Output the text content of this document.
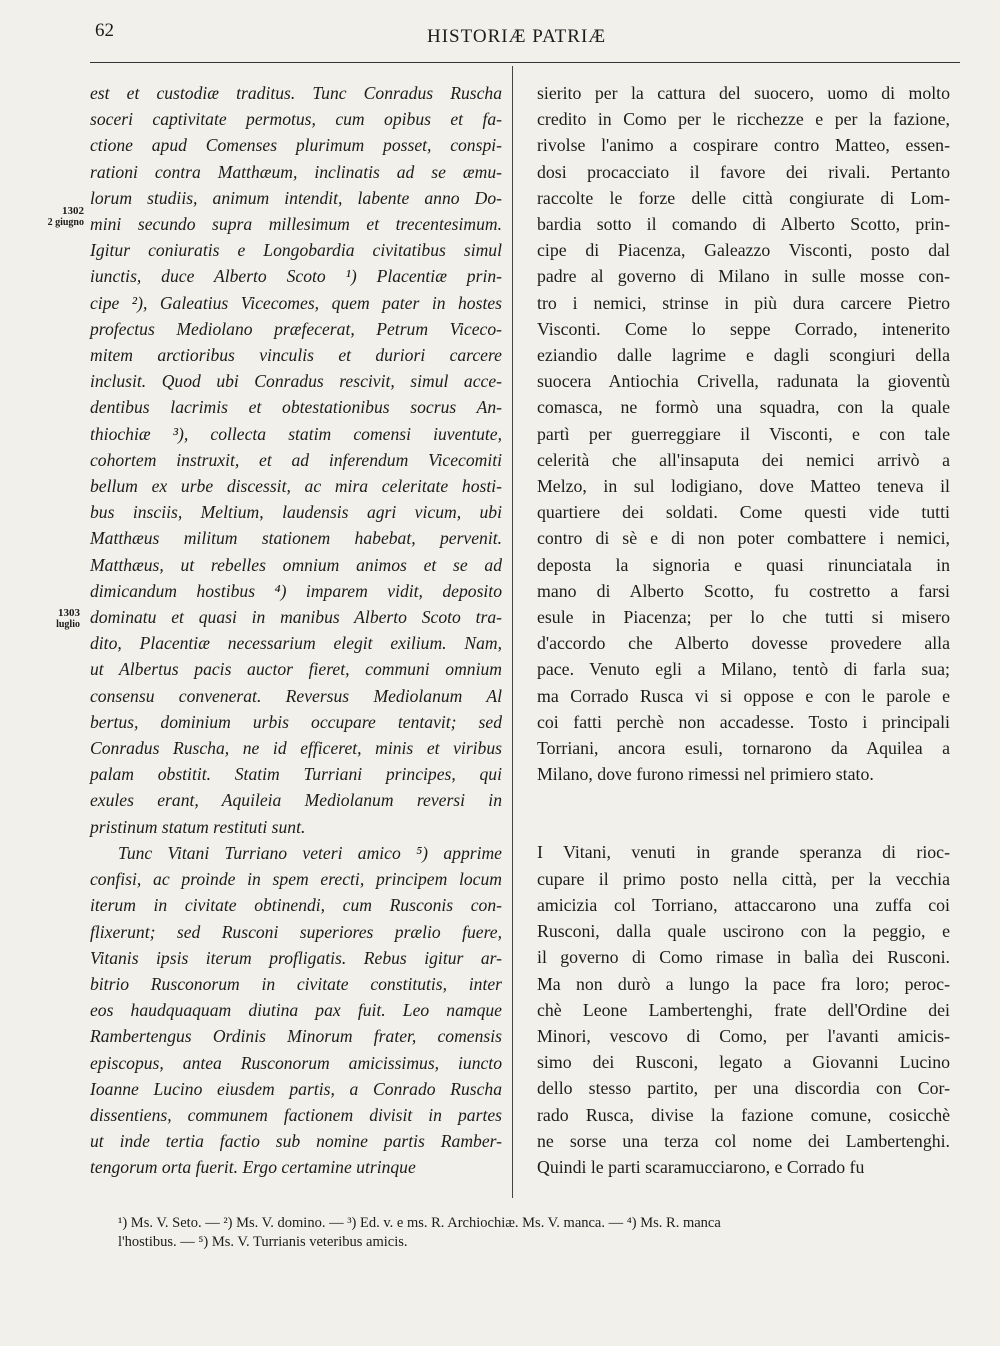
62	HISTORIÆ PATRIÆ
1302
2 giugno
1303
luglio
est et custodiæ traditus. Tunc Conradus Ruscha
soceri captivitate permotus, cum opibus et fa-
ctione apud Comenses plurimum posset, conspi-
rationi contra Matthæum, inclinatis ad se æmu-
lorum studiis, animum intendit, labente anno Do-
mini secundo supra millesimum et trecentesimum.
Igitur coniuratis e Longobardia civitatibus simul
iunctis, duce Alberto Scoto ¹) Placentiæ prin-
cipe ²), Galeatius Vicecomes, quem pater in hostes
profectus Mediolano præfecerat, Petrum Viceco-
mitem arctioribus vinculis et duriori carcere
inclusit. Quod ubi Conradus rescivit, simul acce-
dentibus lacrimis et obtestationibus socrus An-
thiochiæ ³), collecta statim comensi iuventute,
cohortem instruxit, et ad inferendum Vicecomiti
bellum ex urbe discessit, ac mira celeritate hosti-
bus insciis, Meltium, laudensis agri vicum, ubi
Matthæus militum stationem habebat, pervenit.
Matthæus, ut rebelles omnium animos et se ad
dimicandum hostibus ⁴) imparem vidit, deposito
dominatu et quasi in manibus Alberto Scoto tra-
dito, Placentiæ necessarium elegit exilium. Nam,
ut Albertus pacis auctor fieret, communi omnium
consensu convenerat. Reversus Mediolanum Al
bertus, dominium urbis occupare tentavit; sed
Conradus Ruscha, ne id efficeret, minis et viribus
palam obstitit. Statim Turriani principes, qui
exules erant, Aquileia Mediolanum reversi in
pristinum statum restituti sunt.
Tunc Vitani Turriano veteri amico ⁵) apprime
confisi, ac proinde in spem erecti, principem locum
iterum in civitate obtinendi, cum Rusconis con-
flixerunt; sed Rusconi superiores prælio fuere,
Vitanis ipsis iterum profligatis. Rebus igitur ar-
bitrio Rusconorum in civitate constitutis, inter
eos haudquaquam diutina pax fuit. Leo namque
Rambertengus Ordinis Minorum frater, comensis
episcopus, antea Rusconorum amicissimus, iuncto
Ioanne Lucino eiusdem partis, a Conrado Ruscha
dissentiens, communem factionem divisit in partes
ut inde tertia factio sub nomine partis Ramber-
tengorum orta fuerit. Ergo certamine utrinque
sierito per la cattura del suocero, uomo di molto
credito in Como per le ricchezze e per la fazione,
rivolse l'animo a cospirare contro Matteo, essen-
dosi procacciato il favore dei rivali. Pertanto
raccolte le forze delle città congiurate di Lom-
bardia sotto il comando di Alberto Scotto, prin-
cipe di Piacenza, Galeazzo Visconti, posto dal
padre al governo di Milano in sulle mosse con-
tro i nemici, strinse in più dura carcere Pietro
Visconti. Come lo seppe Corrado, intenerito
eziandio dalle lagrime e dagli scongiuri della
suocera Antiochia Crivella, radunata la gioventù
comasca, ne formò una squadra, con la quale
partì per guerreggiare il Visconti, e con tale
celerità che all'insaputa dei nemici arrivò a
Melzo, in sul lodigiano, dove Matteo teneva il
quartiere dei soldati. Come questi vide tutti
contro di sè e di non poter combattere i nemici,
deposta la signoria e quasi rinunciatala in
mano di Alberto Scotto, fu costretto a farsi
esule in Piacenza; per lo che tutti si misero
d'accordo che Alberto dovesse provedere alla
pace. Venuto egli a Milano, tentò di farla sua;
ma Corrado Rusca vi si oppose e con le parole e
coi fatti perchè non accadesse. Tosto i principali
Torriani, ancora esuli, tornarono da Aquilea a
Milano, dove furono rimessi nel primiero stato.
I Vitani, venuti in grande speranza di rioc-
cupare il primo posto nella città, per la vecchia
amicizia col Torriano, attaccarono una zuffa coi
Rusconi, dalla quale uscirono con la peggio, e
il governo di Como rimase in balìa dei Rusconi.
Ma non durò a lungo la pace fra loro; peroc-
chè Leone Lambertenghi, frate dell'Ordine dei
Minori, vescovo di Como, per l'avanti amicis-
simo dei Rusconi, legato a Giovanni Lucino
dello stesso partito, per una discordia con Cor-
rado Rusca, divise la fazione comune, cosicchè
ne sorse una terza col nome dei Lambertenghi.
Quindi le parti scaramucciarono, e Corrado fu
¹) Ms. V. Seto. — ²) Ms. V. domino. — ³) Ed. v. e ms. R. Archiochiæ. Ms. V. manca. — ⁴) Ms. R. manca
l'hostibus. — ⁵) Ms. V. Turrianis veteribus amicis.
